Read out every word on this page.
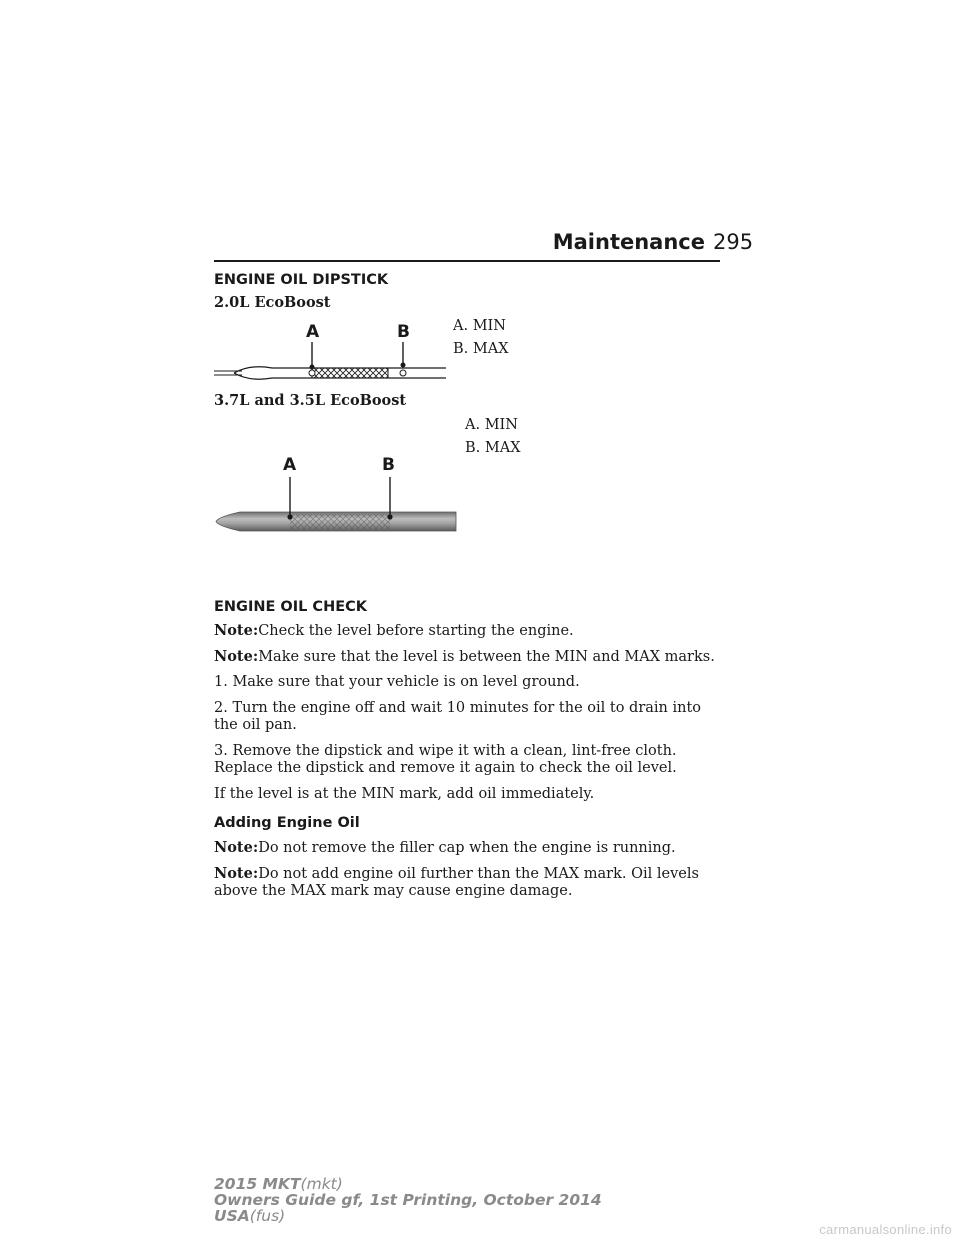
Maintenance 295
ENGINE OIL DIPSTICK
2.0L EcoBoost
A. MIN
B. MAX
A	B
3.7L and 3.5L EcoBoost
A. MIN
B. MAX
A	B
ENGINE OIL CHECK

Note:Check the level before starting the engine.

Note:Make sure that the level is between the MIN and MAX marks.

1. Make sure that your vehicle is on level ground.

2. Turn the engine off and wait 10 minutes for the oil to drain into the oil pan.

3. Remove the dipstick and wipe it with a clean, lint-free cloth. Replace the dipstick and remove it again to check the oil level.

If the level is at the MIN mark, add oil immediately.

Adding Engine Oil

Note:Do not remove the filler cap when the engine is running.

Note:Do not add engine oil further than the MAX mark. Oil levels above the MAX mark may cause engine damage.

2015 MKT(mkt)
Owners Guide gf, 1st Printing, October 2014
USA(fus)
carmanualsonline.info
